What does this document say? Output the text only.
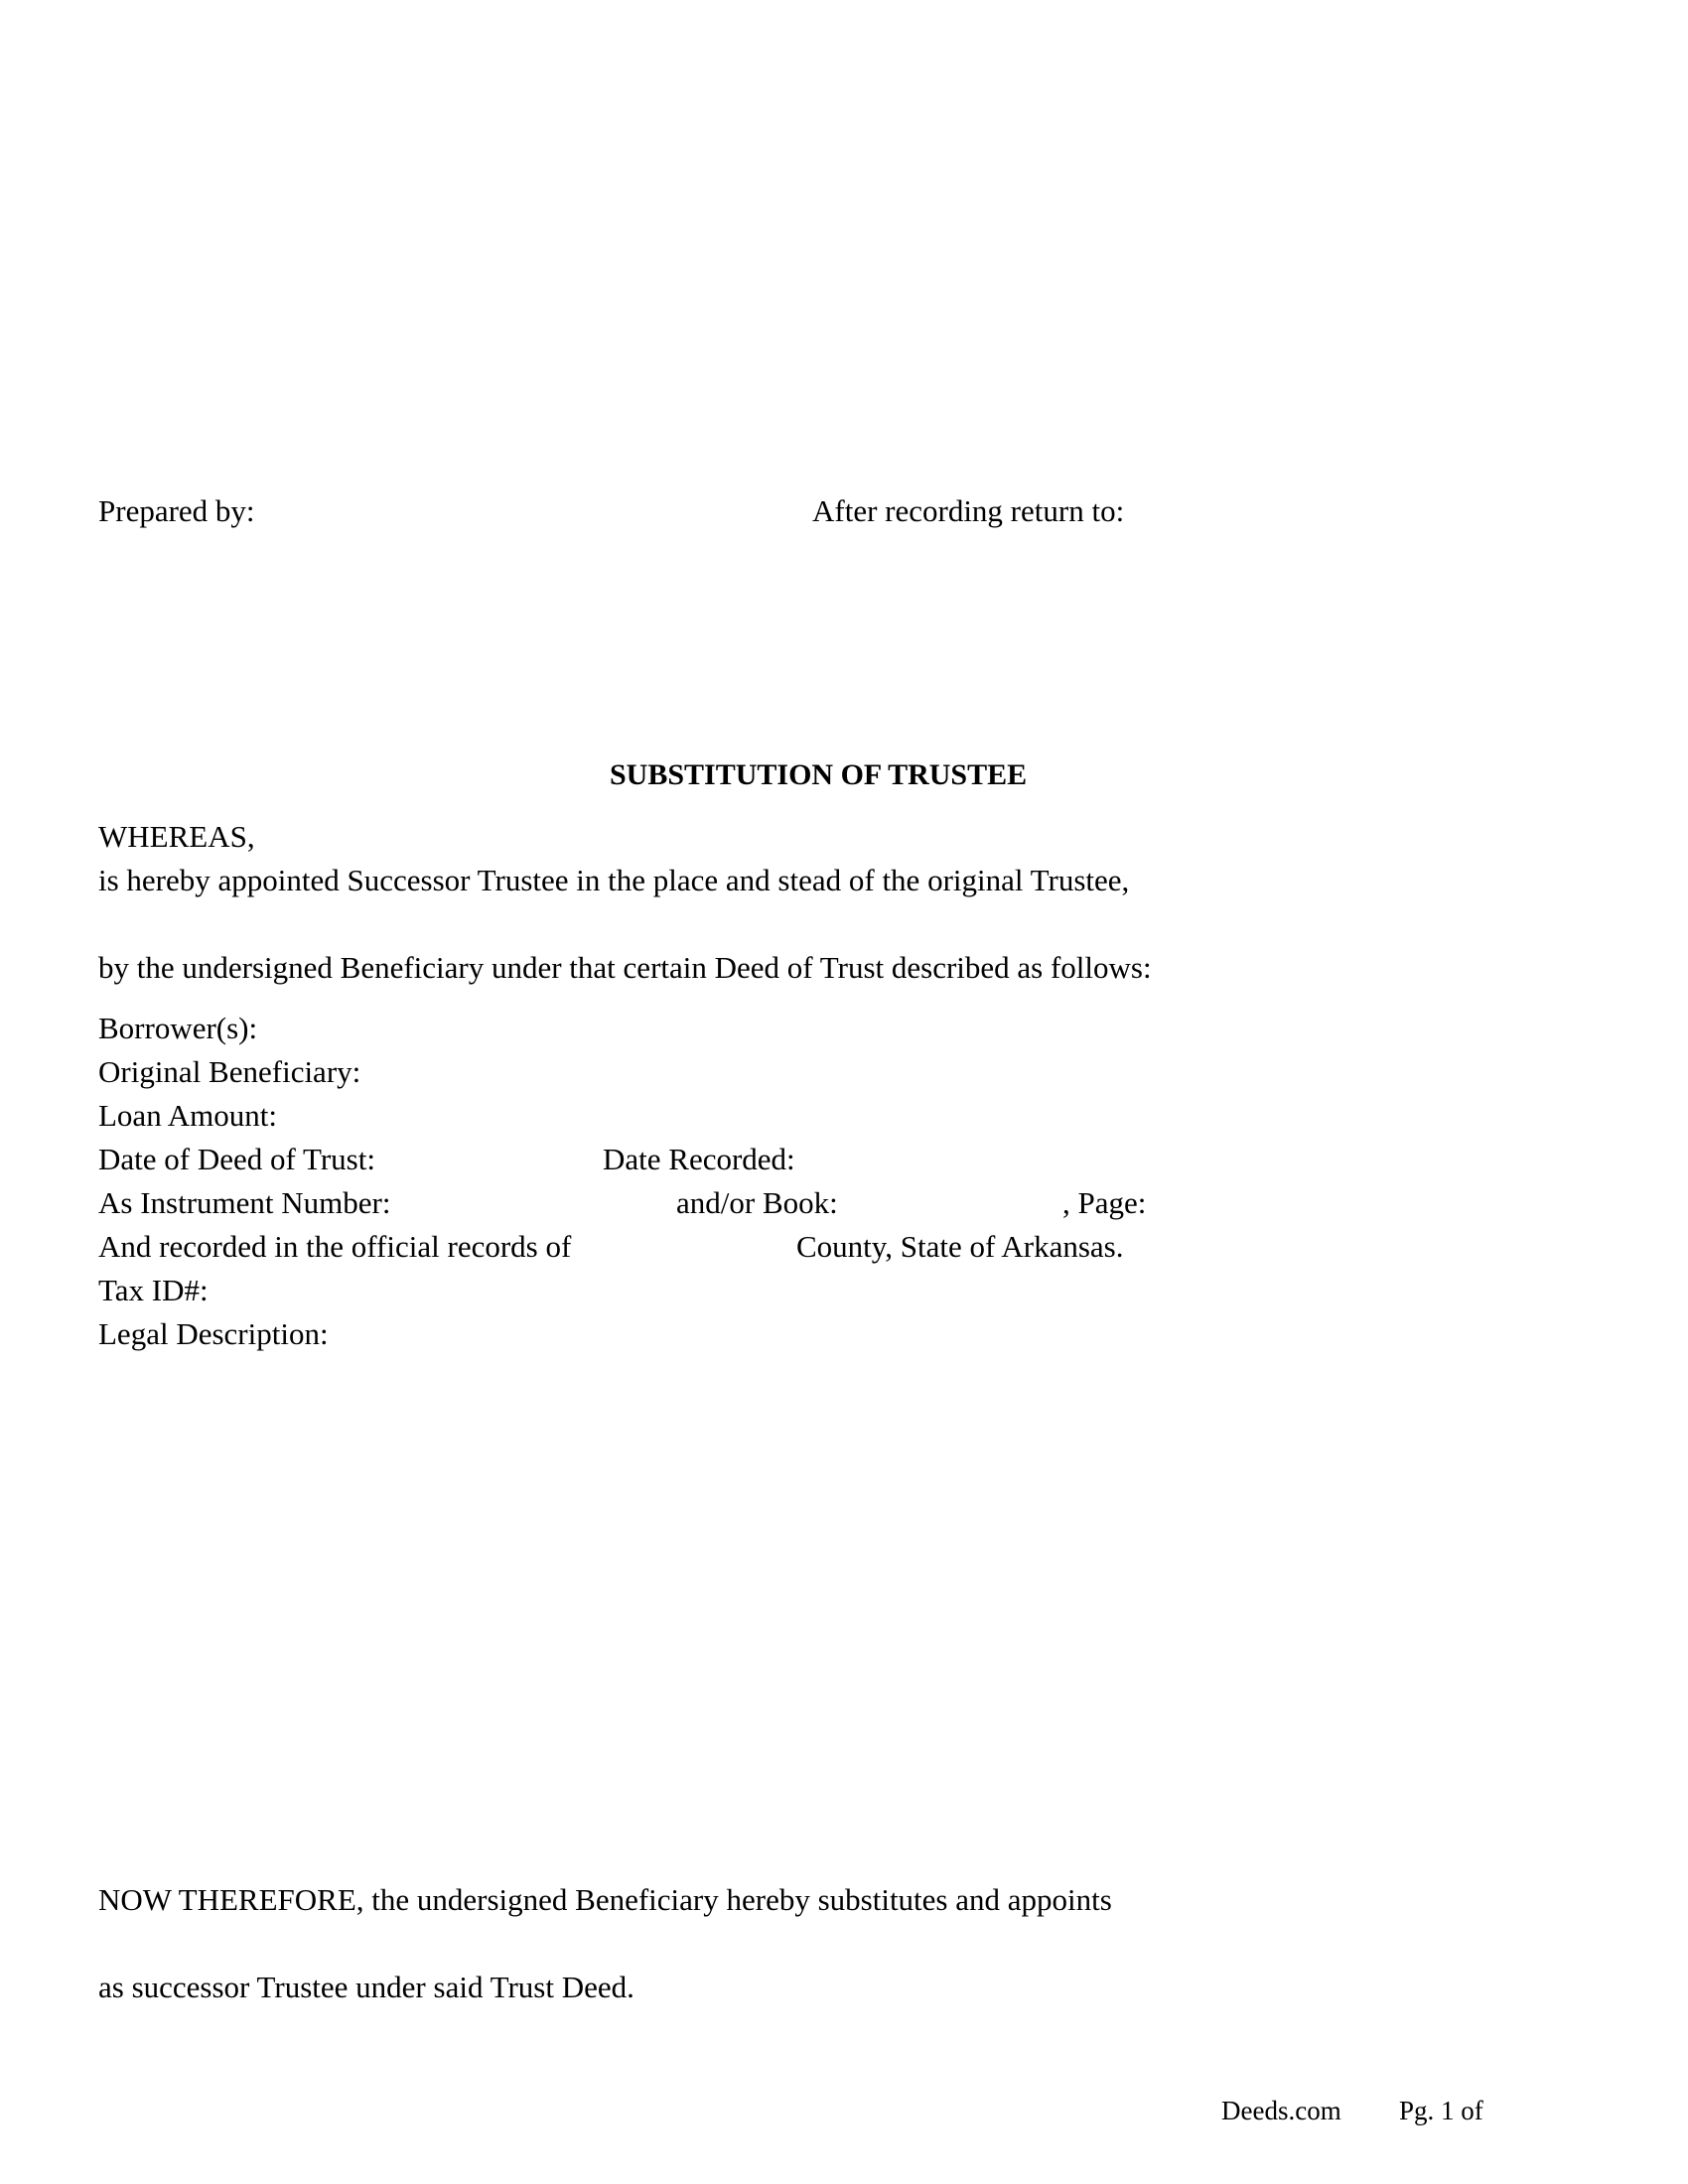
Prepared by:	After recording return to:

SUBSTITUTION OF TRUSTEE

WHEREAS,

is hereby appointed Successor Trustee in the place and stead of the original Trustee,

by the undersigned Beneficiary under that certain Deed of Trust described as follows:

Borrower(s):

Original Beneficiary:

Loan Amount:

Date of Deed of Trust:	Date Recorded:

As Instrument Number:	and/or Book:	, Page:

And recorded in the official records of	County, State of Arkansas.

Tax ID#:

Legal Description:

NOW THEREFORE, the undersigned Beneficiary hereby substitutes and appoints

as successor Trustee under said Trust Deed.

Deeds.com Pg. 1 of
